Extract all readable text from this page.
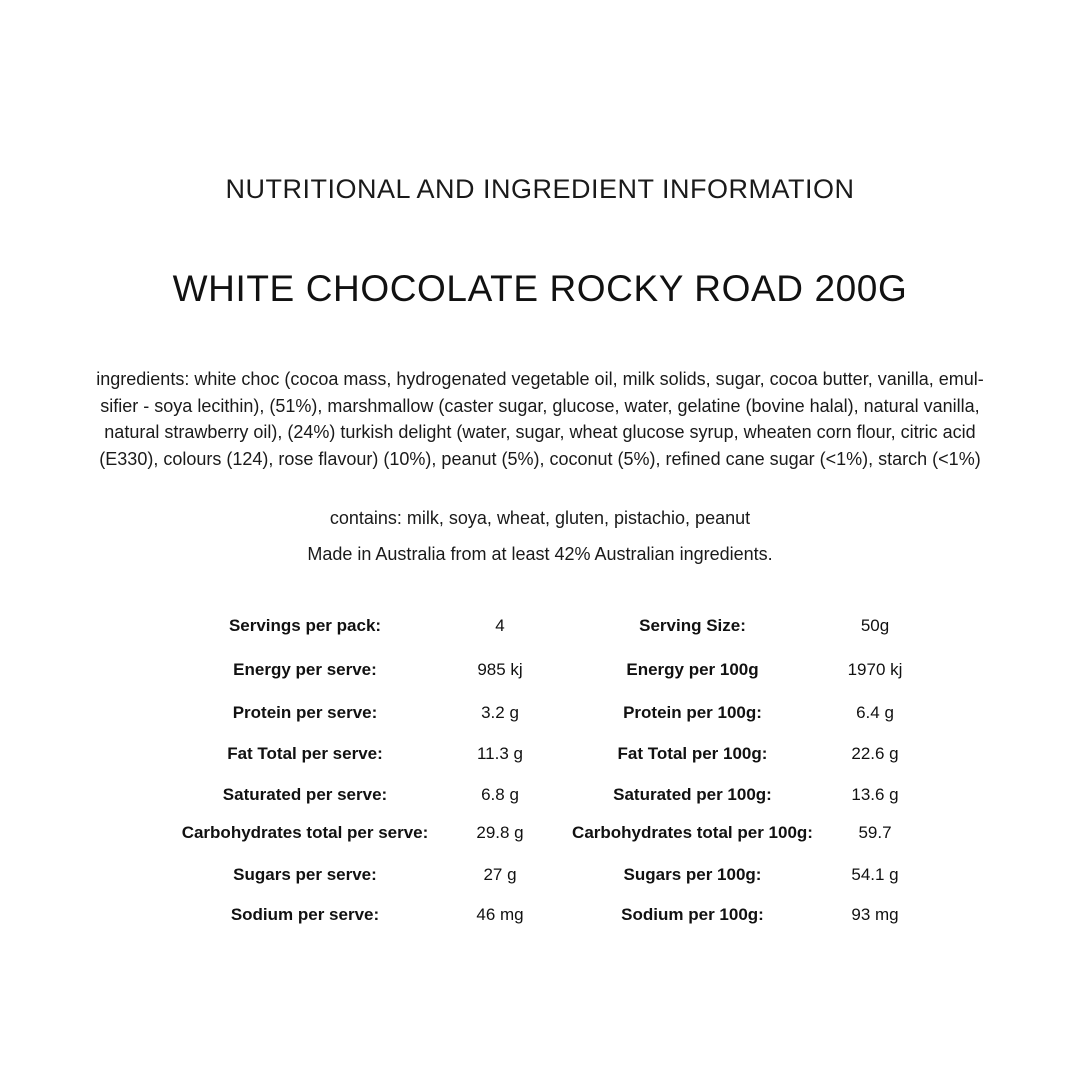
NUTRITIONAL AND INGREDIENT INFORMATION
WHITE CHOCOLATE ROCKY ROAD 200G
ingredients: white choc (cocoa mass, hydrogenated vegetable oil, milk solids, sugar, cocoa butter, vanilla, emul-
sifier - soya lecithin), (51%), marshmallow (caster sugar, glucose, water, gelatine (bovine halal), natural vanilla,
natural strawberry oil), (24%) turkish delight (water, sugar, wheat glucose syrup, wheaten corn flour, citric acid
(E330), colours (124), rose flavour) (10%), peanut (5%), coconut (5%), refined cane sugar (<1%), starch (<1%)
contains: milk, soya, wheat, gluten, pistachio, peanut
Made in Australia from at least 42% Australian ingredients.
Servings per pack:	4	Serving Size:	50g
Energy per serve:	985 kj	Energy per 100g	1970 kj
Protein per serve:	3.2 g	Protein per 100g:	6.4 g
Fat Total per serve:	11.3 g	Fat Total per 100g:	22.6 g
Saturated per serve:	6.8 g	Saturated per 100g:	13.6 g
Carbohydrates total per serve:	29.8 g	Carbohydrates total per 100g:	59.7
Sugars per serve:	27 g	Sugars per 100g:	54.1 g
Sodium per serve:	46 mg	Sodium per 100g:	93 mg
